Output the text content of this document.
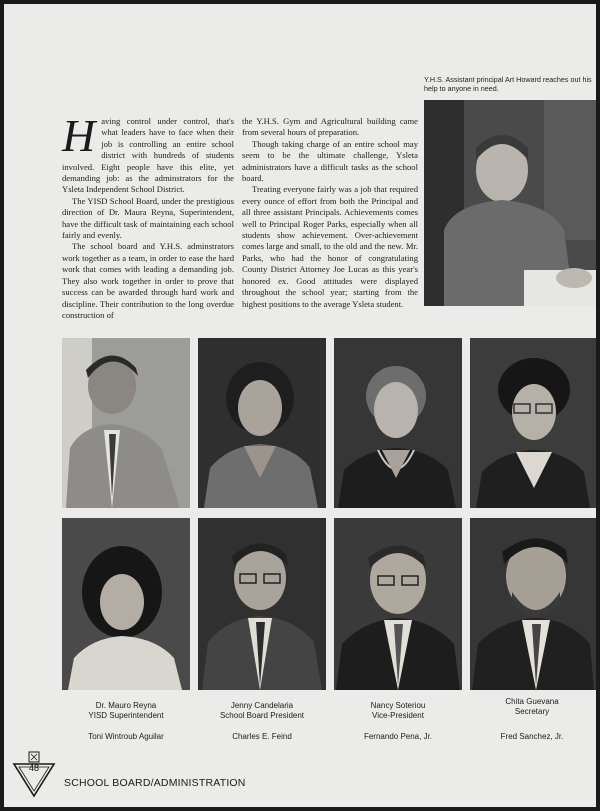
Y.H.S. Assistant principal Art Howard reaches out his help to anyone in need.
H aving control under control, that's what leaders have to face when their job is controlling an entire school district with hundreds of students involved. Eight people have this elite, yet demanding job: as the adminstrators for the Ysleta Independent School District.

The YISD School Board, under the prestigious direction of Dr. Maura Reyna, Superintendent, have the difficult task of maintaining each school fairly and evenly.

The school board and Y.H.S. adminstrators work together as a team, in order to ease the hard work that comes with leading a demanding job. They also work together in order to prove that success can be awarded through hard work and discipline. Their contribution to the long overdue construction of

the Y.H.S. Gym and Agricultural building came from several hours of preparation.

Though taking charge of an entire school may seem to be the ultimate challenge, Ysleta administrators have a difficult tasks as the school board.

Treating everyone fairly was a job that required every ounce of effort from both the Principal and all three assistant Principals. Achievements comes well to Principal Roger Parks, especially when all students show achievement. Over-achievement comes large and small, to the old and the new. Mr. Parks, who had the honor of congratulating County District Attorney Joe Lucas as this year's honored ex. Good attitudes were displayed throughout the school year; starting from the highest positions to the average Ysleta student.

Dr. Mauro Reyna
YISD Superintendent
Jenny Candelaria
School Board President
Nancy Soteriou
Vice-President
Chita Guevana
Secretary
Toni Wintroub Aguilar	Charles E. Feind	Fernando Pena, Jr.	Fred Sanchez, Jr.
48
SCHOOL BOARD/ADMINISTRATION
